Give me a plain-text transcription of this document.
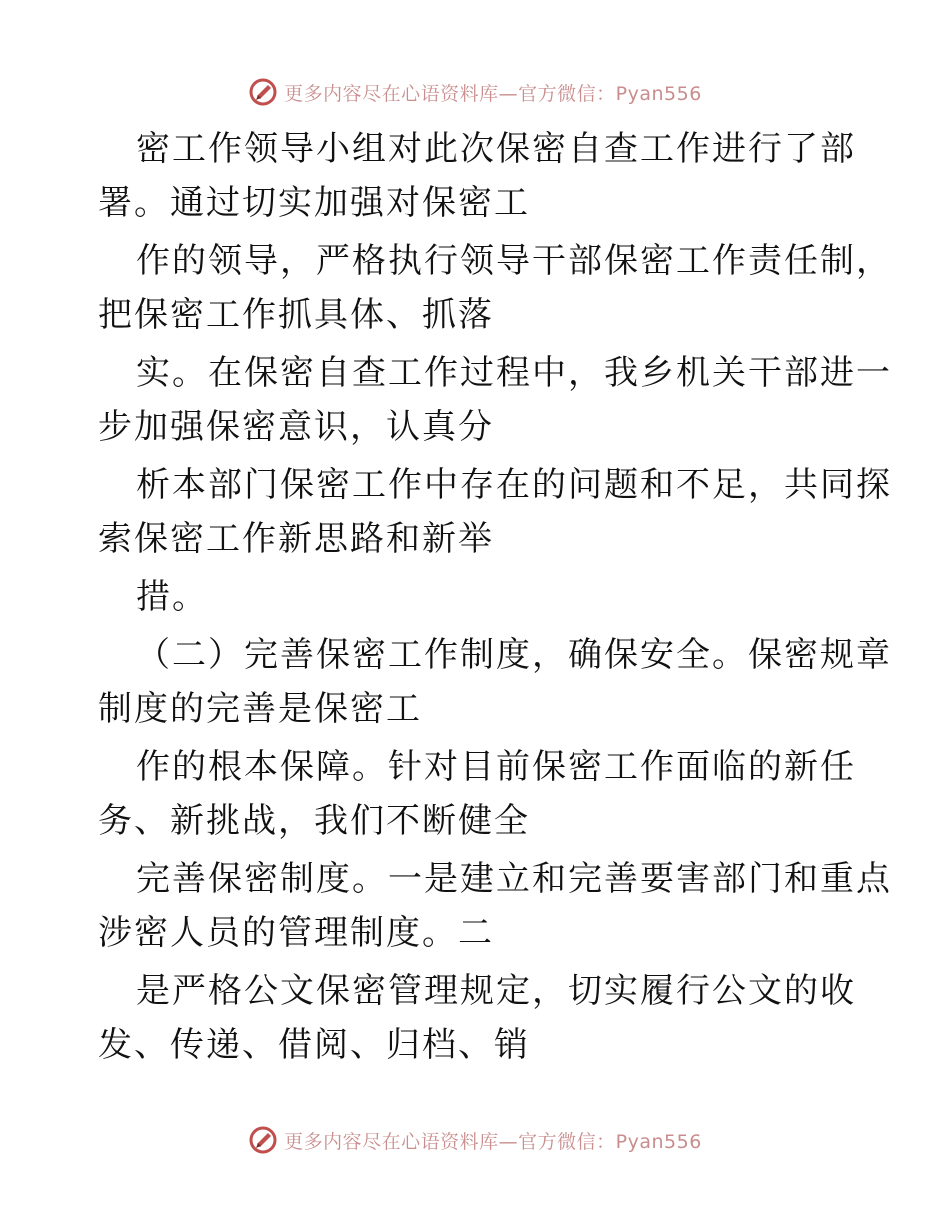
更多内容尽在心语资料库—官方微信：Pyan556
密工作领导小组对此次保密自查工作进行了部
署。通过切实加强对保密工
作的领导，严格执行领导干部保密工作责任制，
把保密工作抓具体、抓落
实。在保密自查工作过程中，我乡机关干部进一
步加强保密意识，认真分
析本部门保密工作中存在的问题和不足，共同探
索保密工作新思路和新举
措。
（二）完善保密工作制度，确保安全。保密规章
制度的完善是保密工
作的根本保障。针对目前保密工作面临的新任
务、新挑战，我们不断健全
完善保密制度。一是建立和完善要害部门和重点
涉密人员的管理制度。二
是严格公文保密管理规定，切实履行公文的收
发、传递、借阅、归档、销
更多内容尽在心语资料库—官方微信：Pyan556
